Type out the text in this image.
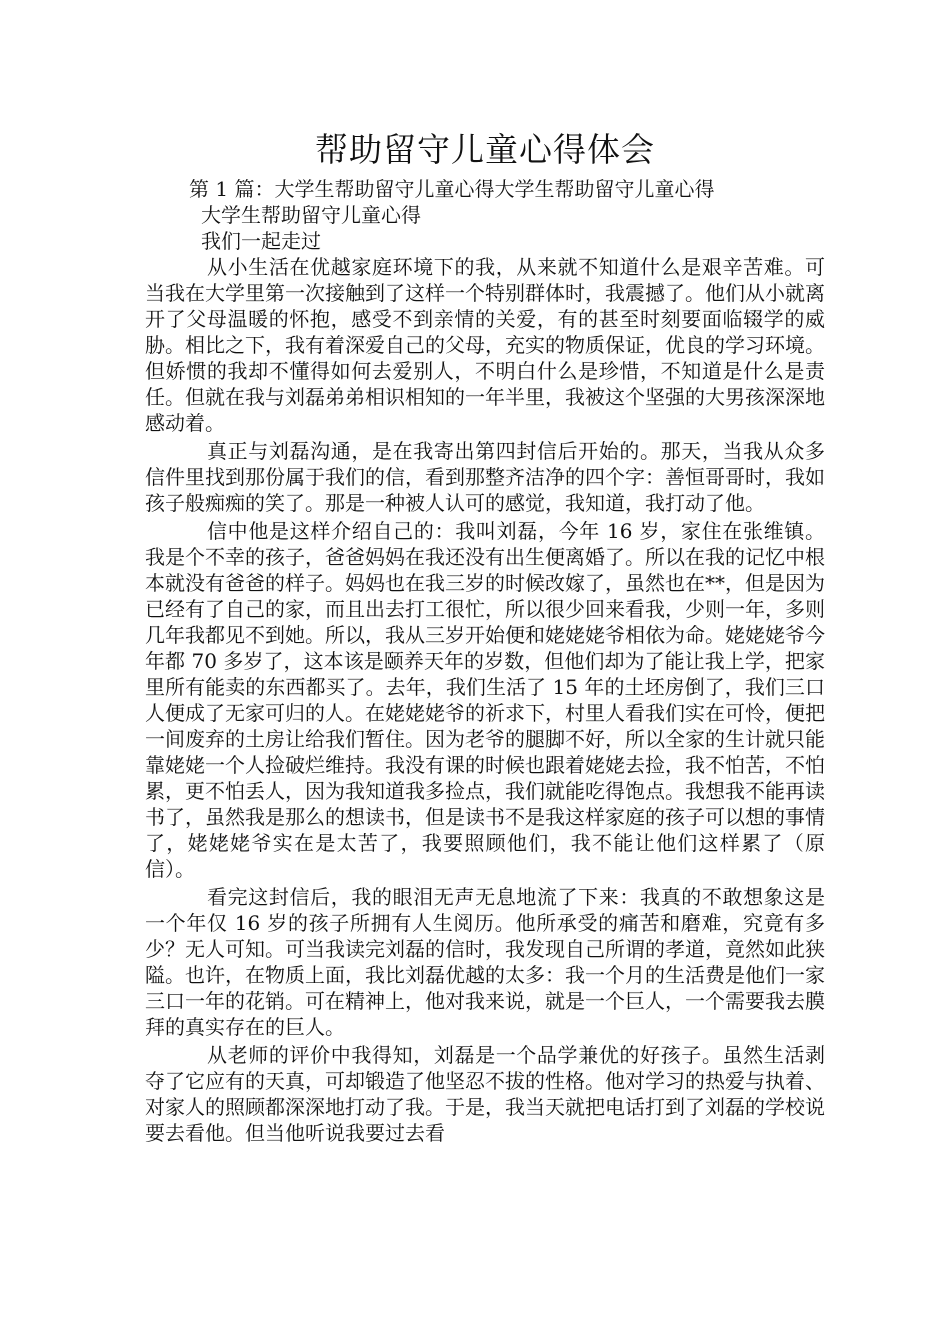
帮助留守儿童心得体会
第 1 篇：大学生帮助留守儿童心得大学生帮助留守儿童心得
大学生帮助留守儿童心得
我们一起走过

从小生活在优越家庭环境下的我，从来就不知道什么是艰辛苦难。可当我在大学里第一次接触到了这样一个特别群体时，我震撼了。他们从小就离开了父母温暖的怀抱，感受不到亲情的关爱，有的甚至时刻要面临辍学的威胁。相比之下，我有着深爱自己的父母，充实的物质保证，优良的学习环境。但娇惯的我却不懂得如何去爱别人，不明白什么是珍惜，不知道是什么是责任。但就在我与刘磊弟弟相识相知的一年半里，我被这个坚强的大男孩深深地感动着。

真正与刘磊沟通，是在我寄出第四封信后开始的。那天，当我从众多信件里找到那份属于我们的信，看到那整齐洁净的四个字：善恒哥哥时，我如孩子般痴痴的笑了。那是一种被人认可的感觉，我知道，我打动了他。

信中他是这样介绍自己的：我叫刘磊，今年 16 岁，家住在张维镇。我是个不幸的孩子，爸爸妈妈在我还没有出生便离婚了。所以在我的记忆中根本就没有爸爸的样子。妈妈也在我三岁的时候改嫁了，虽然也在**，但是因为已经有了自己的家，而且出去打工很忙，所以很少回来看我，少则一年，多则几年我都见不到她。所以，我从三岁开始便和姥姥姥爷相依为命。姥姥姥爷今年都 70 多岁了，这本该是颐养天年的岁数，但他们却为了能让我上学，把家里所有能卖的东西都买了。去年，我们生活了 15 年的土坯房倒了，我们三口人便成了无家可归的人。在姥姥姥爷的祈求下，村里人看我们实在可怜，便把一间废弃的土房让给我们暂住。因为老爷的腿脚不好，所以全家的生计就只能靠姥姥一个人捡破烂维持。我没有课的时候也跟着姥姥去捡，我不怕苦，不怕累，更不怕丢人，因为我知道我多捡点，我们就能吃得饱点。我想我不能再读书了，虽然我是那么的想读书，但是读书不是我这样家庭的孩子可以想的事情了，姥姥姥爷实在是太苦了，我要照顾他们，我不能让他们这样累了（原信）。

看完这封信后，我的眼泪无声无息地流了下来：我真的不敢想象这是一个年仅 16 岁的孩子所拥有人生阅历。他所承受的痛苦和磨难，究竟有多少？无人可知。可当我读完刘磊的信时，我发现自己所谓的孝道，竟然如此狭隘。也许，在物质上面，我比刘磊优越的太多：我一个月的生活费是他们一家三口一年的花销。可在精神上，他对我来说，就是一个巨人，一个需要我去膜拜的真实存在的巨人。

从老师的评价中我得知，刘磊是一个品学兼优的好孩子。虽然生活剥夺了它应有的天真，可却锻造了他坚忍不拔的性格。他对学习的热爱与执着、对家人的照顾都深深地打动了我。于是，我当天就把电话打到了刘磊的学校说要去看他。但当他听说我要过去看
